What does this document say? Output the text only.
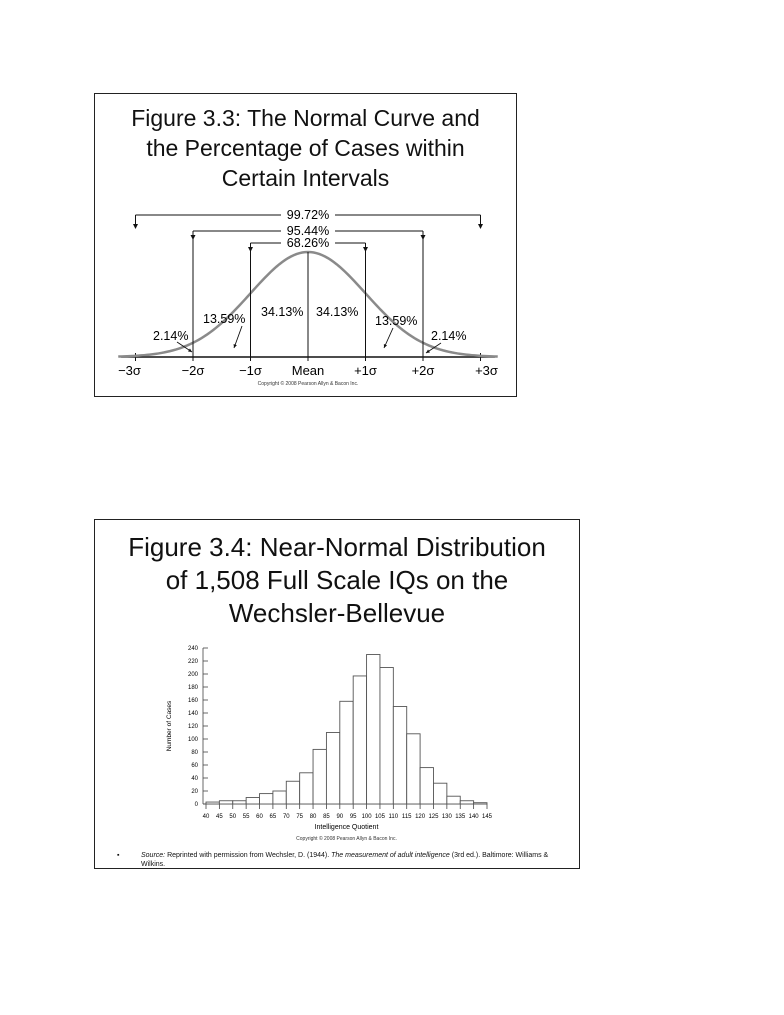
Figure 3.3: The Normal Curve and
the Percentage of Cases within
Certain Intervals
99.72%
95.44%
68.26%
2.14%
13.59% 34.13% 34.13%
13.59%
2.14%
−3σ	−2σ	−1σ Mean +1σ	+2σ	+3σ
Copyright © 2008 Pearson Allyn & Bacon Inc.
Figure 3.4: Near-Normal Distribution
of 1,508 Full Scale IQs on the
Wechsler-Bellevue
0
20
40
60
80
100
120
140
160
180
200
220
240
Number of Cases
40 45 50 55 60 65 70 75 80 85 90 95 100 105 110 115 120 125 130 135 140 145
Intelligence Quotient
Copyright © 2008 Pearson Allyn & Bacon Inc.
▪	Source: Reprinted with permission from Wechsler, D. (1944). The measurement of adult intelligence (3rd ed.). Baltimore: Williams & Wilkins.
